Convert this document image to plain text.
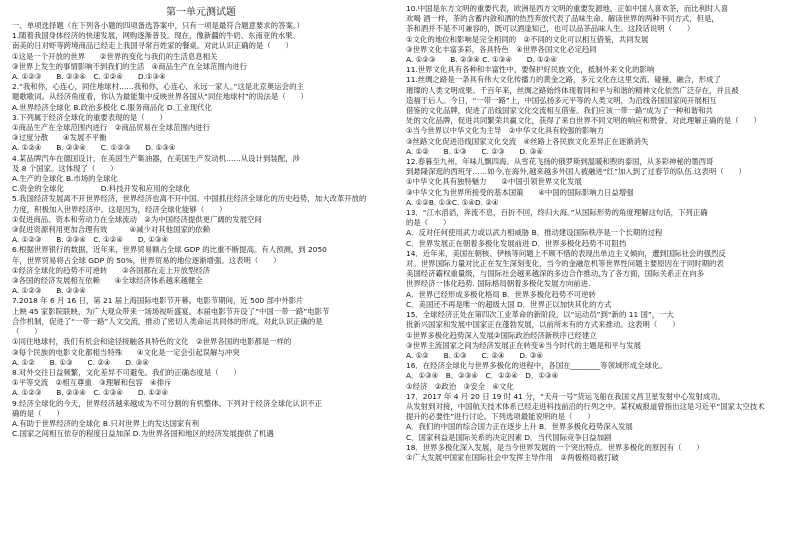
第一单元测试题
一、单项选择题（在下列各小题的四项备选答案中，只有一项是最符合题意要求的答案。）
1.随着我国身体经济的快速发展，网购逐渐普及。现在，像新疆的牛奶、东南亚的水果、
南美的日对虾等跨境商品已经走上我国寻常百姓家的餐桌。对此认识正确的是（　　）
①这是一个开放的世界　　②世界的变化与我们的生活息息相关
③世界上发生的事情影响不到我们的生活　④商品生产在全球范围内进行
A. ①②③　　B. ②③④　C. ①②④　　D.①③④
2.“我和你，心连心，同住地球村……我和你，心连心，永远一家人。”这是北京奥运会的主
题歌歌词。从经济角度看，你认为最能集中反映世界各国从“同住地球村”的说法是（　　）
A.世界经济全球化 B.政治多极化 C.服务商品化 D.工业现代化
3.下列属于经济全球化的重要表现的是（　　）
①商品生产在全球范围内进行　②商品贸易在全球范围内进行
③过度分散　　④发展不平衡
A. ①②④　　B. ②③④　　C. ①②③　　D. ①③④
4.某品牌汽车在德国设计，在美国生产集油器，在美国生产发动机……从设计到装配，涉
及 8 个国家。这体现了（　　）
A.生产的全球化 B.市场的全球化
C.资金的全球化　　　　　D.科技开发和应用的全球化
5.我国经济发展离不开世界经济，世界经济也离不开中国。中国抓住经济全球化的历史趋势，加大改革开放的
力度，积极加入世界经济中。这是因为，经济全球化能够（　　）
①促进商品、资本和劳动力在全球流动　②为中国经济提供更广阔的发展空间
③促进资源利用更加合理有效　　　④减少对其他国家的依赖
A. ①②③　　B. ②③④　C. ①②④　　D. ①③④
6.根据世界银行的数据，近年来，世界贸易额占全球 GDP 的比重不断提高。有人预测，到 2050
年，世界贸易将占全球 GDP 的 50%，世界贸易的地位逐渐增强。这表明（　　）
①经济全球化的趋势不可逆转　　②各国都在走上开放型经济
③各国的经济发展相互依赖　　④全球经济体系越来越健全
A. ①②③　　B. ②③④
7.2018 年 6 月 16 日，第 21 届上海国际电影节开幕。电影节期间，近 500 部中外影片
上映 45 家影院联映，为广大观众带来一场场视听盛宴。本届电影节开设了“中国一带一路”电影节
合作机制，促进了“一带一路”人文交流，推动了密切人类命运共同体的形成。对此认识正确的是
（　　）
①同住地球村，我们有机会和途径接触各具特色的文化　②世界各国的电影都是一样的
③每个民族的电影文化都相当特殊　　④文化是一定会引起误解与冲突
A. ①②　　B. ①③　　C. ②④　　D. ③④
8.对外交往日益频繁，文化差异不可避免。我们的正确态度是（　　）
①平等交流　②相互尊重　③理解和包容　④排斥
A. ①②③　　B. ②③④　C. ①③④　　D. ①②④
9.经济全球化的今天，世界经济越来越成为不可分割的有机整体。下列对于经济全球化认识不正
确的是（　　）
A.有助于世界经济的全球化 B.只对世界上的发达国家有利
C.国家之间相互依存的程度日益加深 D.为世界各国和地区的经济发展提供了机遇
10.中国是东方文明的重要代表，欧洲是西方文明的重要发源地，正如中国人喜欢茶，而比利时人喜
欢喝 酒一样，茶的含蓄内敛和酒的热烈奔放代表了品味生命、解读世界的两种不同方式，但是，
茶和酒并不是不可兼容的，既可以酒逢知己，也可以品茶品味人生。这段话说明（　　）
①文化的地位和影响是完全相同的　②不同的文化可以相互借鉴，共同发展
③世界文化丰富多彩，各具特色　④世界各国文化必定趋同
A. ①②③　　B. ②③④ C. ①③④　　D. ①②④
11.世界文化具有各种和丰富性中，要保护好民族文化，抵制外来文化的影响
11.丝绸之路是一条具有伟大文化传播力的黄金之路，多元文化在这里交流、碰撞、融合，形成了
璀璨的人类文明成果。千百年来，丝绸之路始终体现着同和平与和谐的精神文化依然广泛存在，并且被
造福于后人。今日，“一带一路”上，中国弘扬多元平等的人类文明，为沿线各国国家间开展相互
借鉴的文化品牌，促进了沿线国家文化交流相互借鉴。我们应该一带一路”成为了一种和谐和共
处的文化品牌，促进共同繁荣共赢文化，获得了来自世界不同文明的响应和赞誉。对此理解正确的是（　　）
①当今世界以中华文化为主导　②中华文化具有较强的影响力
③丝路文化促进沿线国家文化交流　④丝路上各民族文化差异正在逐渐消失
A. ①②　　B. ①③　　C. ②③　　D. ③④
12.春暮至九州，年味儿飘四海。从雪花飞扬的俄罗斯到温暖和煦的泰国，从多彩神秘的墨西哥
到悬隆深逛的西班牙……如今,在海外,越来越多外国人被融进“红”加入到了过春节的队伍.这表明（　　）
①中华文化具有独特魅力　　②中国引领世界文化发展
③中华文化为世界所接受的基本国策　　④中国的国际影响力日益增强
A. ①②B. ①③C. ①④D. ②④
13．“江水滔滔，奔流不息，百折不回，终归大海。”从国际形势的角度理解这句话，下列正确
的是（　　）
A．反对任何使用武力或以武力相威胁 B．推动建设国际秩序是一个长期的过程
C．世界发展正在朝着多极化发展前进 D．世界多极化趋势不可阻挡
14．近年来，美国在朝核、伊核等问题上不顾不惜的表现出单边主义倾向，遭到国际社会的强烈反
对。世界国际力量对比正在发生深刻变化，当今的金融危机等世界性问题主要原因在于同时期的表
美国经济霸权重量级，与国际社会越来越深的多边合作推动,为了各方面，国际关系正在向多
世界经济一体化趋势. 国际格局朝着多极化发展方向前进.
A．世界已经形成多极化格局 B．世界多极化趋势不可逆转
C．美国还不再是唯一的超级大国 D．世界正以加快其化的方式
15．全球经济正处在第四次工业革命的新阶段，以“运动员”到“新的 11 国”，一大
批新兴国家和发展中国家正在蓬勃发展，以前所未有的方式来推动。这表明（　　）
①世界多极化趋势深入发展②国际政治经济新秩序已经建立
③世界主流国家之间为经济发展正在转变④当今时代的主题是和平与发展
A. ①②　　B. ①③　　C. ②④　　D. ③④
16．在经济全球化与世界多极化的进程中，各国在________等领域形成全球化。
A．①③④　B．②③④　C．①②④　D．①③④
①经济　②政治　③安全　④文化
17．2017 年 4 月 20 日 19 时 41 分，“天舟一号”货运飞船在我国文昌卫星发射中心发射成功。
从发射到对接，中国航天技术体系已经走进科技前沿的行列之中。某权威报道曾指出这是习近平“国家太空技术
提升的必要性”进行讨论。下列选项最能说明的是（　　）
A．我们的中国的综合国力正在逐步上升 B．世界多极化趋势深入发展
C．国家利益是国际关系的决定因素 D．当代国际竞争日益加剧
18．世界多极化深入发展，是当今世界发展的一个突出特点。世界多极化的原因有（　　）
①广大发展中国家在国际社会中发挥主导作用　②两极格局被打破
